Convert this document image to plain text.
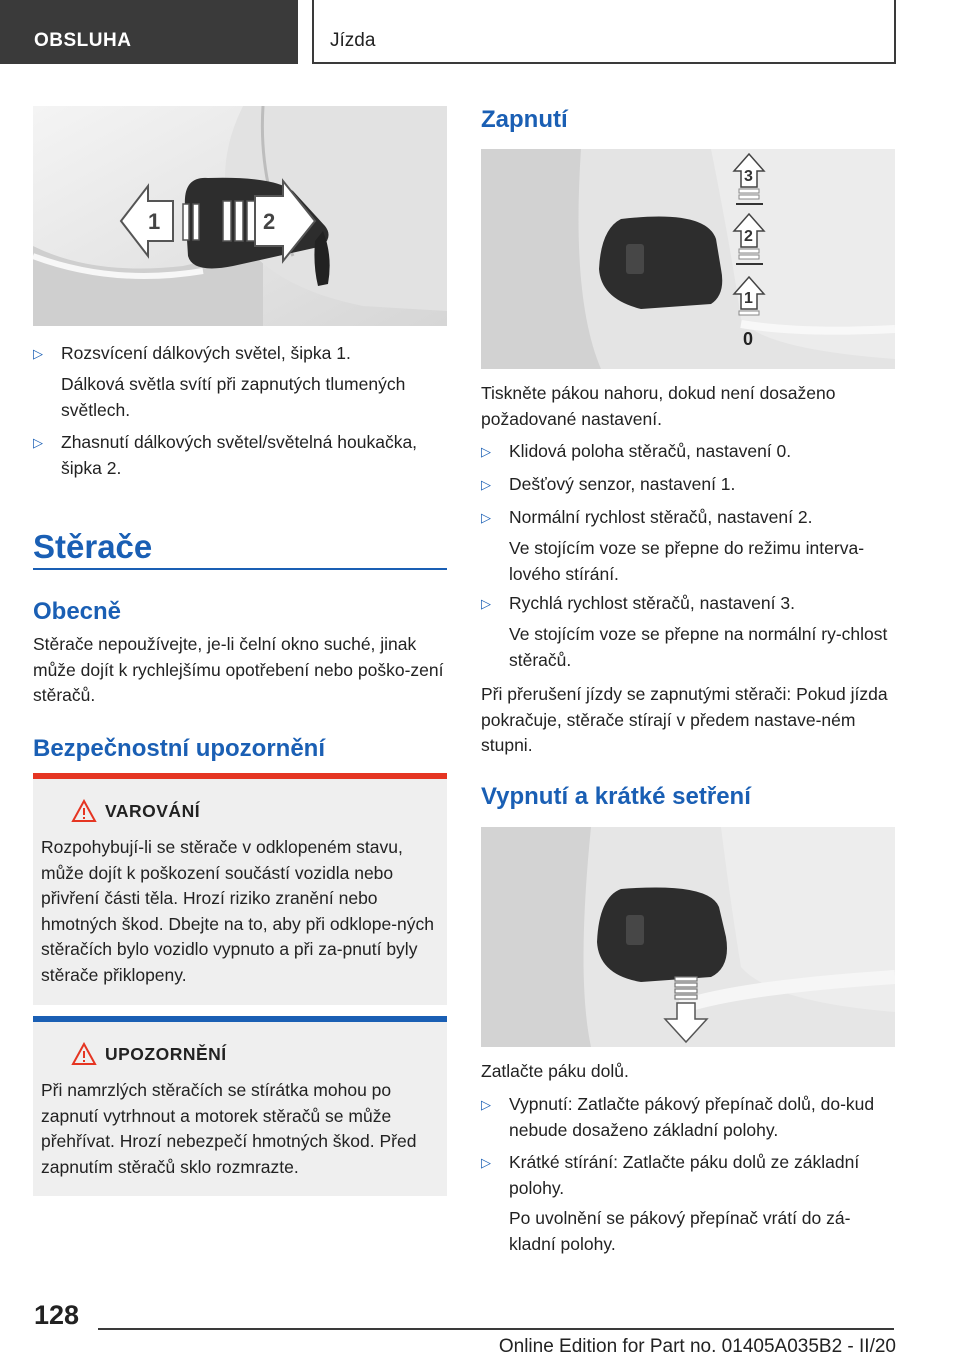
OBSLUHA	Jízda
1	2
▷	Rozsvícení dálkových světel, šipka 1.
Dálková světla svítí při zapnutých tlumených světlech.
▷	Zhasnutí dálkových světel/světelná houkačka, šipka 2.
Stěrače
Obecně
Stěrače nepoužívejte, je-li čelní okno suché, jinak může dojít k rychlejšímu opotřebení nebo poško-zení stěračů.
Bezpečnostní upozornění
VAROVÁNÍ
Rozpohybují-li se stěrače v odklopeném stavu, může dojít k poškození součástí vozidla nebo přivření části těla. Hrozí riziko zranění nebo hmotných škod. Dbejte na to, aby při odklope-ných stěračích bylo vozidlo vypnuto a při za-pnutí byly stěrače přiklopeny.
UPOZORNĚNÍ
Při namrzlých stěračích se stírátka mohou po zapnutí vytrhnout a motorek stěračů se může přehřívat. Hrozí nebezpečí hmotných škod. Před zapnutím stěračů sklo rozmrazte.
Zapnutí
3
2
1
0
Tiskněte pákou nahoru, dokud není dosaženo požadované nastavení.
▷	Klidová poloha stěračů, nastavení 0.
▷	Dešťový senzor, nastavení 1.
▷	Normální rychlost stěračů, nastavení 2.
Ve stojícím voze se přepne do režimu interva-lového stírání.
▷	Rychlá rychlost stěračů, nastavení 3.
Ve stojícím voze se přepne na normální ry-chlost stěračů.
Při přerušení jízdy se zapnutými stěrači: Pokud jízda pokračuje, stěrače stírají v předem nastave-ném stupni.
Vypnutí a krátké setření
Zatlačte páku dolů.
▷	Vypnutí: Zatlačte pákový přepínač dolů, do-kud nebude dosaženo základní polohy.
▷	Krátké stírání: Zatlačte páku dolů ze základní polohy.
Po uvolnění se pákový přepínač vrátí do zá-kladní polohy.
128
Online Edition for Part no. 01405A035B2 - II/20
